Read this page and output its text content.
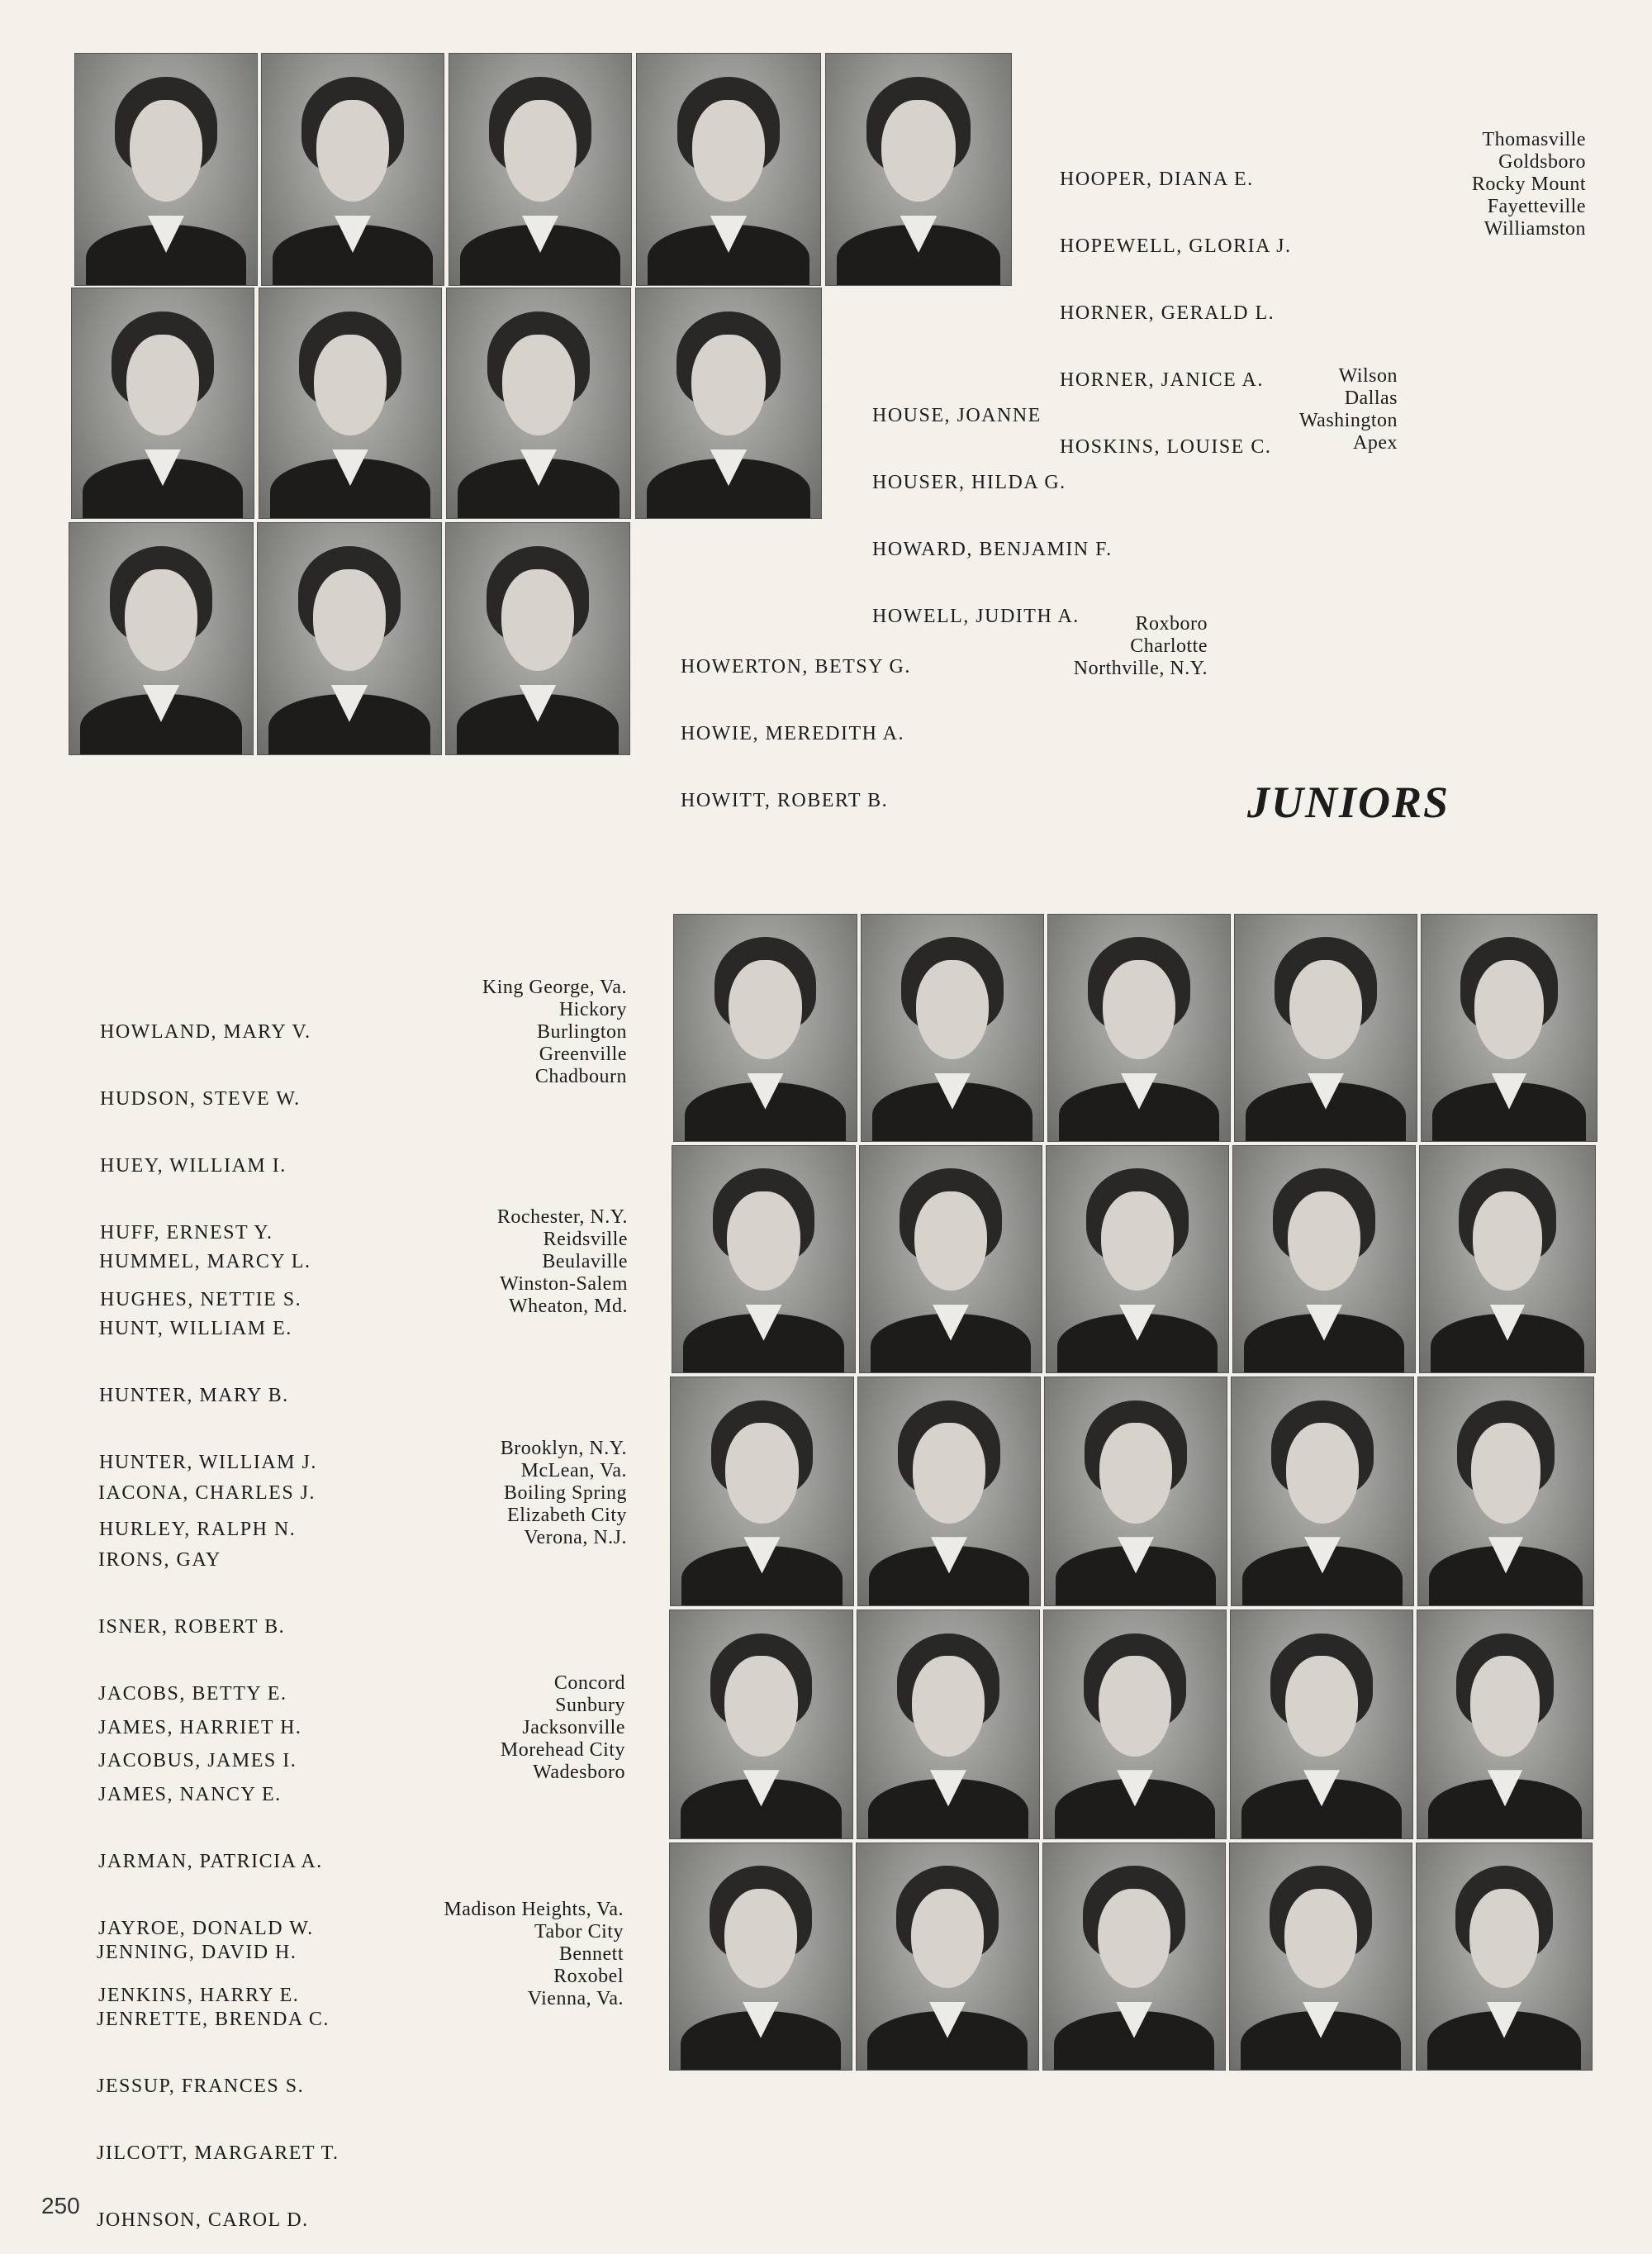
HOOPER, DIANA E.

HOPEWELL, GLORIA J.

HORNER, GERALD L.

HORNER, JANICE A.

HOSKINS, LOUISE C.

Thomasville
Goldsboro
Rocky Mount
Fayetteville
Williamston

HOUSE, JOANNE

HOUSER, HILDA G.

HOWARD, BENJAMIN F.

HOWELL, JUDITH A.

Wilson
Dallas
Washington
Apex

HOWERTON, BETSY G.

HOWIE, MEREDITH A.

HOWITT, ROBERT B.

Roxboro
Charlotte
Northville, N.Y.
JUNIORS

HOWLAND, MARY V.

HUDSON, STEVE W.

HUEY, WILLIAM I.

HUFF, ERNEST Y.

HUGHES, NETTIE S.

King George, Va.
Hickory
Burlington
Greenville
Chadbourn

HUMMEL, MARCY L.

HUNT, WILLIAM E.

HUNTER, MARY B.

HUNTER, WILLIAM J.

HURLEY, RALPH N.

Rochester, N.Y.
Reidsville
Beulaville
Winston-Salem
Wheaton, Md.

IACONA, CHARLES J.

IRONS, GAY

ISNER, ROBERT B.

JACOBS, BETTY E.

JACOBUS, JAMES I.

Brooklyn, N.Y.
McLean, Va.
Boiling Spring
Elizabeth City
Verona, N.J.

JAMES, HARRIET H.

JAMES, NANCY E.

JARMAN, PATRICIA A.

JAYROE, DONALD W.

JENKINS, HARRY E.

Concord
Sunbury
Jacksonville
Morehead City
Wadesboro

JENNING, DAVID H.

JENRETTE, BRENDA C.

JESSUP, FRANCES S.

JILCOTT, MARGARET T.

JOHNSON, CAROL D.

Madison Heights, Va.
Tabor City
Bennett
Roxobel
Vienna, Va.
250
